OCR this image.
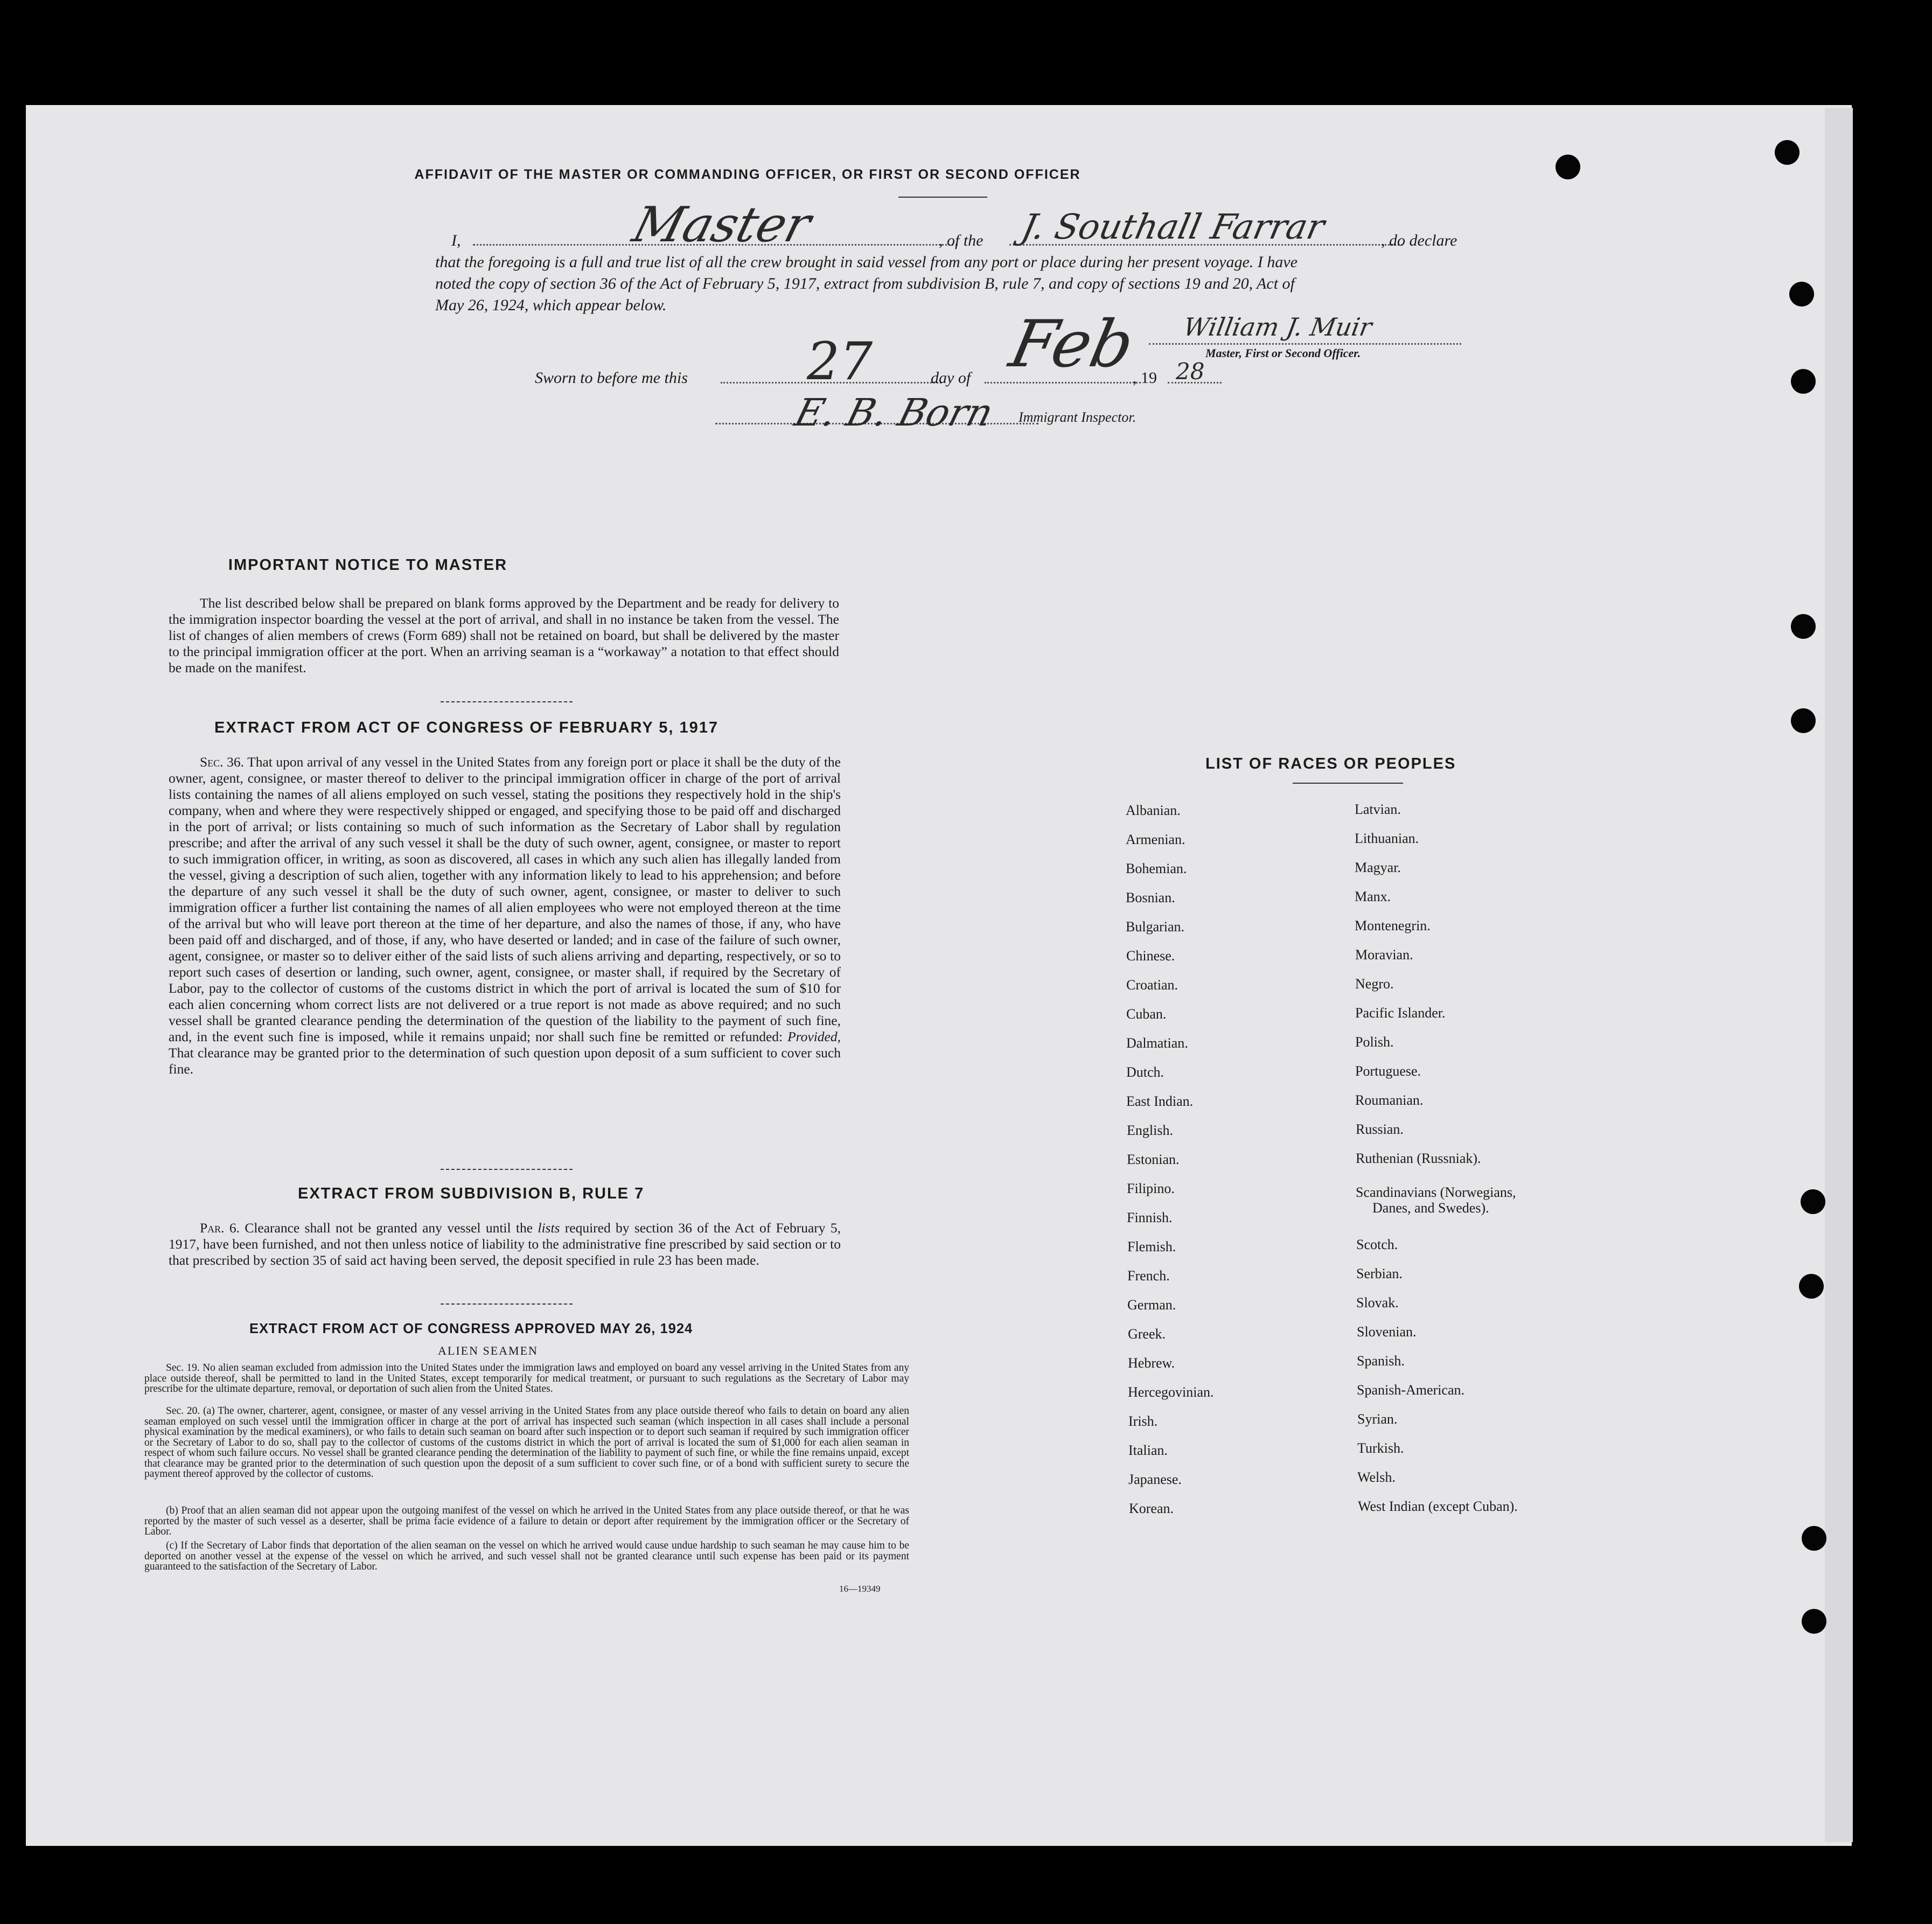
AFFIDAVIT OF THE MASTER OR COMMANDING OFFICER, OR FIRST OR SECOND OFFICER
I,	Master	, of the J. Southall Farrar	, do declare
that the foregoing is a full and true list of all the crew brought in said vessel from any port or place during her present voyage. I have
noted the copy of section 36 of the Act of February 5, 1917, extract from subdivision B, rule 7, and copy of sections 19 and 20, Act of
May 26, 1924, which appear below.
William J. Muir
Master, First or Second Officer.
Sworn to before me this 27	day of Feb
, 19 28
E. B. Born Immigrant Inspector.
IMPORTANT NOTICE TO MASTER
The list described below shall be prepared on blank forms approved by the Department and be ready for delivery to the immigration inspector boarding the vessel at the port of arrival, and shall in no instance be taken from the vessel. The list of changes of alien members of crews (Form 689) shall not be retained on board, but shall be delivered by the master to the principal immigration officer at the port. When an arriving seaman is a “workaway” a notation to that effect should be made on the manifest.
EXTRACT FROM ACT OF CONGRESS OF FEBRUARY 5, 1917
Sec. 36. That upon arrival of any vessel in the United States from any foreign port or place it shall be the duty of the owner, agent, consignee, or master thereof to deliver to the principal immigration officer in charge of the port of arrival lists containing the names of all aliens employed on such vessel, stating the positions they respectively hold in the ship's company, when and where they were respectively shipped or engaged, and specifying those to be paid off and discharged in the port of arrival; or lists containing so much of such information as the Secretary of Labor shall by regulation prescribe; and after the arrival of any such vessel it shall be the duty of such owner, agent, consignee, or master to report to such immigration officer, in writing, as soon as discovered, all cases in which any such alien has illegally landed from the vessel, giving a description of such alien, together with any information likely to lead to his apprehension; and before the departure of any such vessel it shall be the duty of such owner, agent, consignee, or master to deliver to such immigration officer a further list containing the names of all alien employees who were not employed thereon at the time of the arrival but who will leave port thereon at the time of her departure, and also the names of those, if any, who have been paid off and discharged, and of those, if any, who have deserted or landed; and in case of the failure of such owner, agent, consignee, or master so to deliver either of the said lists of such aliens arriving and departing, respectively, or so to report such cases of desertion or landing, such owner, agent, consignee, or master shall, if required by the Secretary of Labor, pay to the collector of customs of the customs district in which the port of arrival is located the sum of $10 for each alien concerning whom correct lists are not delivered or a true report is not made as above required; and no such vessel shall be granted clearance pending the determination of the question of the liability to the payment of such fine, and, in the event such fine is imposed, while it remains unpaid; nor shall such fine be remitted or refunded: Provided, That clearance may be granted prior to the determination of such question upon deposit of a sum sufficient to cover such fine.
EXTRACT FROM SUBDIVISION B, RULE 7
Par. 6. Clearance shall not be granted any vessel until the lists required by section 36 of the Act of February 5, 1917, have been furnished, and not then unless notice of liability to the administrative fine prescribed by said section or to that prescribed by section 35 of said act having been served, the deposit specified in rule 23 has been made.
EXTRACT FROM ACT OF CONGRESS APPROVED MAY 26, 1924
ALIEN SEAMEN
Sec. 19. No alien seaman excluded from admission into the United States under the immigration laws and employed on board any vessel arriving in the United States from any place outside thereof, shall be permitted to land in the United States, except temporarily for medical treatment, or pursuant to such regulations as the Secretary of Labor may prescribe for the ultimate departure, removal, or deportation of such alien from the United States.
Sec. 20. (a) The owner, charterer, agent, consignee, or master of any vessel arriving in the United States from any place outside thereof who fails to detain on board any alien seaman employed on such vessel until the immigration officer in charge at the port of arrival has inspected such seaman (which inspection in all cases shall include a personal physical examination by the medical examiners), or who fails to detain such seaman on board after such inspection or to deport such seaman if required by such immigration officer or the Secretary of Labor to do so, shall pay to the collector of customs of the customs district in which the port of arrival is located the sum of $1,000 for each alien seaman in respect of whom such failure occurs. No vessel shall be granted clearance pending the determination of the liability to payment of such fine, or while the fine remains unpaid, except that clearance may be granted prior to the determination of such question upon the deposit of a sum sufficient to cover such fine, or of a bond with sufficient surety to secure the payment thereof approved by the collector of customs.
(b) Proof that an alien seaman did not appear upon the outgoing manifest of the vessel on which he arrived in the United States from any place outside thereof, or that he was reported by the master of such vessel as a deserter, shall be prima facie evidence of a failure to detain or deport after requirement by the immigration officer or the Secretary of Labor.
(c) If the Secretary of Labor finds that deportation of the alien seaman on the vessel on which he arrived would cause undue hardship to such seaman he may cause him to be deported on another vessel at the expense of the vessel on which he arrived, and such vessel shall not be granted clearance until such expense has been paid or its payment guaranteed to the satisfaction of the Secretary of Labor.
16—19349
LIST OF RACES OR PEOPLES
Albanian.
Armenian.
Bohemian.
Bosnian.
Bulgarian.
Chinese.
Croatian.
Cuban.
Dalmatian.
Dutch.
East Indian.
English.
Estonian.
Filipino.
Finnish.
Flemish.
French.
German.
Greek.
Hebrew.
Hercegovinian.
Irish.
Italian.
Japanese.
Korean.
Latvian.
Lithuanian.
Magyar.
Manx.
Montenegrin.
Moravian.
Negro.
Pacific Islander.
Polish.
Portuguese.
Roumanian.
Russian.
Ruthenian (Russniak).
Scandinavians (Norwegians,
Danes, and Swedes).
Scotch.
Serbian.
Slovak.
Slovenian.
Spanish.
Spanish-American.
Syrian.
Turkish.
Welsh.
West Indian (except Cuban).
